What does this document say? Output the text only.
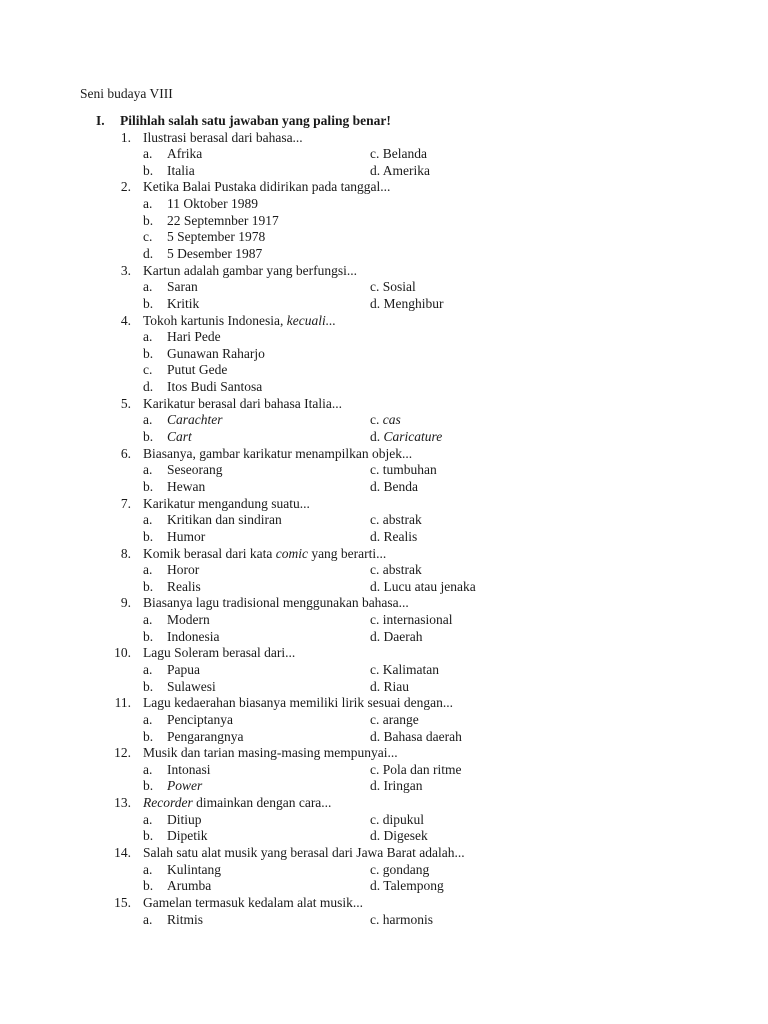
Seni budaya VIII
I. Pilihlah salah satu jawaban yang paling benar!
1. Ilustrasi berasal dari bahasa...
a. Afrika	c. Belanda
b. Italia	d. Amerika
2. Ketika Balai Pustaka didirikan pada tanggal...
a. 11 Oktober 1989
b. 22 Septemnber 1917
c. 5 September 1978
d. 5 Desember 1987
3. Kartun adalah gambar yang berfungsi...
a. Saran	c. Sosial
b. Kritik	d. Menghibur
4. Tokoh kartunis Indonesia, kecuali...
a. Hari Pede
b. Gunawan Raharjo
c. Putut Gede
d. Itos Budi Santosa
5. Karikatur berasal dari bahasa Italia...
a. Carachter	c. cas
b. Cart	d. Caricature
6. Biasanya, gambar karikatur menampilkan objek...
a. Seseorang	c. tumbuhan
b. Hewan	d. Benda
7. Karikatur mengandung suatu...
a. Kritikan dan sindiran	c. abstrak
b. Humor	d. Realis
8. Komik berasal dari kata comic yang berarti...
a. Horor	c. abstrak
b. Realis	d. Lucu atau jenaka
9. Biasanya lagu tradisional menggunakan bahasa...
a. Modern	c. internasional
b. Indonesia	d. Daerah
10. Lagu Soleram berasal dari...
a. Papua	c. Kalimatan
b. Sulawesi	d. Riau
11. Lagu kedaerahan biasanya memiliki lirik sesuai dengan...
a. Penciptanya	c. arange
b. Pengarangnya	d. Bahasa daerah
12. Musik dan tarian masing-masing mempunyai...
a. Intonasi	c. Pola dan ritme
b. Power	d. Iringan
13. Recorder dimainkan dengan cara...
a. Ditiup	c. dipukul
b. Dipetik	d. Digesek
14. Salah satu alat musik yang berasal dari Jawa Barat adalah...
a. Kulintang	c. gondang
b. Arumba	d. Talempong
15. Gamelan termasuk kedalam alat musik...
a. Ritmis	c. harmonis
